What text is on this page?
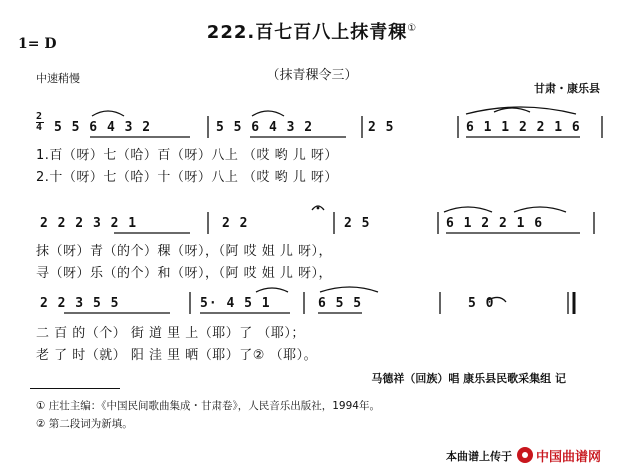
1= D
222.百七百八上抹青稞①
中速稍慢	（抹青稞令三）
甘肃・康乐县
2
4 5 5 6 4 3 2	5 5 6 4 3 2	2 5	6 1 1 2 2 1 6
1.百（呀）七（哈）百（呀）八上 （哎 哟 儿 呀）
2.十（呀）七（哈）十（呀）八上 （哎 哟 儿 呀）
2 2 2 3 2 1	2 2	2 5	6 1 2 2 1 6
抹（呀）青（的个）稞（呀），（阿 哎 姐 儿 呀），
寻（呀）乐（的个）和（呀），（阿 哎 姐 儿 呀），
2 2 3 5 5	5· 4 5 1	6 5 5	5 0
二 百 的（个） 街 道 里 上（耶）了 （耶）；
老 了 时（就） 阳 洼 里 晒（耶）了② （耶）。
马德祥（回族）唱 康乐县民歌采集组 记
① 庄壮主编：《中国民间歌曲集成・甘肃卷》，人民音乐出版社，1994年。
② 第二段词为新填。
本曲谱上传于 中国曲谱网
